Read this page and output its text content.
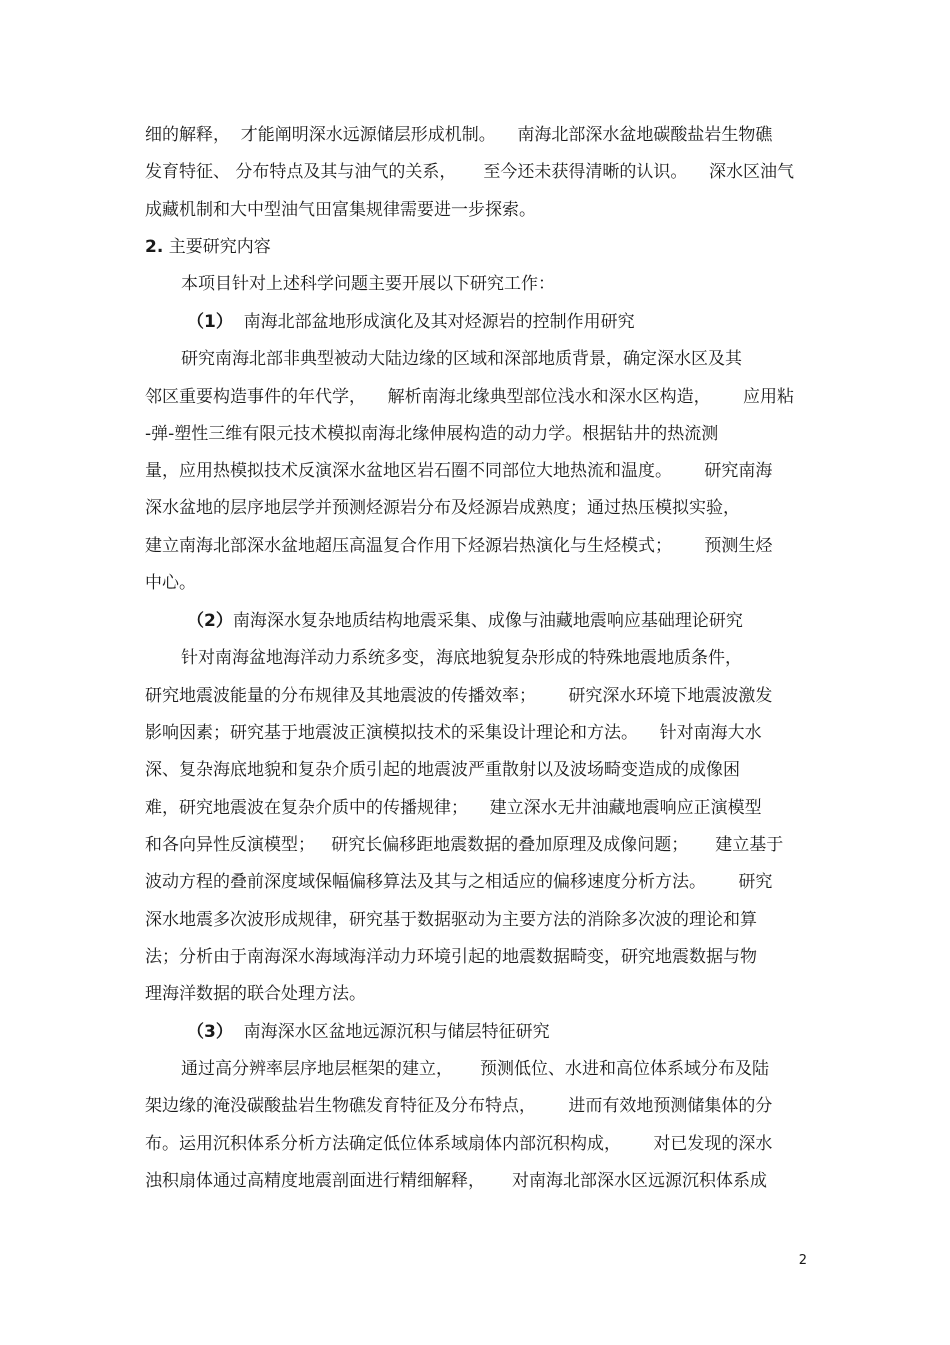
细的解释，  才能阐明深水远源储层形成机制。    南海北部深水盆地碳酸盐岩生物礁
发育特征、 分布特点及其与油气的关系，     至今还未获得清晰的认识。    深水区油气
成藏机制和大中型油气田富集规律需要进一步探索。
2. 主要研究内容
本项目针对上述科学问题主要开展以下研究工作：
（1） 南海北部盆地形成演化及其对烃源岩的控制作用研究
研究南海北部非典型被动大陆边缘的区域和深部地质背景，确定深水区及其
邻区重要构造事件的年代学，    解析南海北缘典型部位浅水和深水区构造，      应用粘
-弹-塑性三维有限元技术模拟南海北缘伸展构造的动力学。根据钻井的热流测
量，应用热模拟技术反演深水盆地区岩石圈不同部位大地热流和温度。      研究南海
深水盆地的层序地层学并预测烃源岩分布及烃源岩成熟度；通过热压模拟实验，
建立南海北部深水盆地超压高温复合作用下烃源岩热演化与生烃模式；      预测生烃
中心。
（2）南海深水复杂地质结构地震采集、成像与油藏地震响应基础理论研究
针对南海盆地海洋动力系统多变，海底地貌复杂形成的特殊地震地质条件，
研究地震波能量的分布规律及其地震波的传播效率；      研究深水环境下地震波激发
影响因素；研究基于地震波正演模拟技术的采集设计理论和方法。    针对南海大水
深、复杂海底地貌和复杂介质引起的地震波严重散射以及波场畸变造成的成像困
难，研究地震波在复杂介质中的传播规律；    建立深水无井油藏地震响应正演模型
和各向异性反演模型；   研究长偏移距地震数据的叠加原理及成像问题；     建立基于
波动方程的叠前深度域保幅偏移算法及其与之相适应的偏移速度分析方法。      研究
深水地震多次波形成规律，研究基于数据驱动为主要方法的消除多次波的理论和算
法；分析由于南海深水海域海洋动力环境引起的地震数据畸变，研究地震数据与物
理海洋数据的联合处理方法。
（3） 南海深水区盆地远源沉积与储层特征研究
通过高分辨率层序地层框架的建立，     预测低位、水进和高位体系域分布及陆
架边缘的淹没碳酸盐岩生物礁发育特征及分布特点，      进而有效地预测储集体的分
布。运用沉积体系分析方法确定低位体系域扇体内部沉积构成，      对已发现的深水
浊积扇体通过高精度地震剖面进行精细解释，     对南海北部深水区远源沉积体系成
2
